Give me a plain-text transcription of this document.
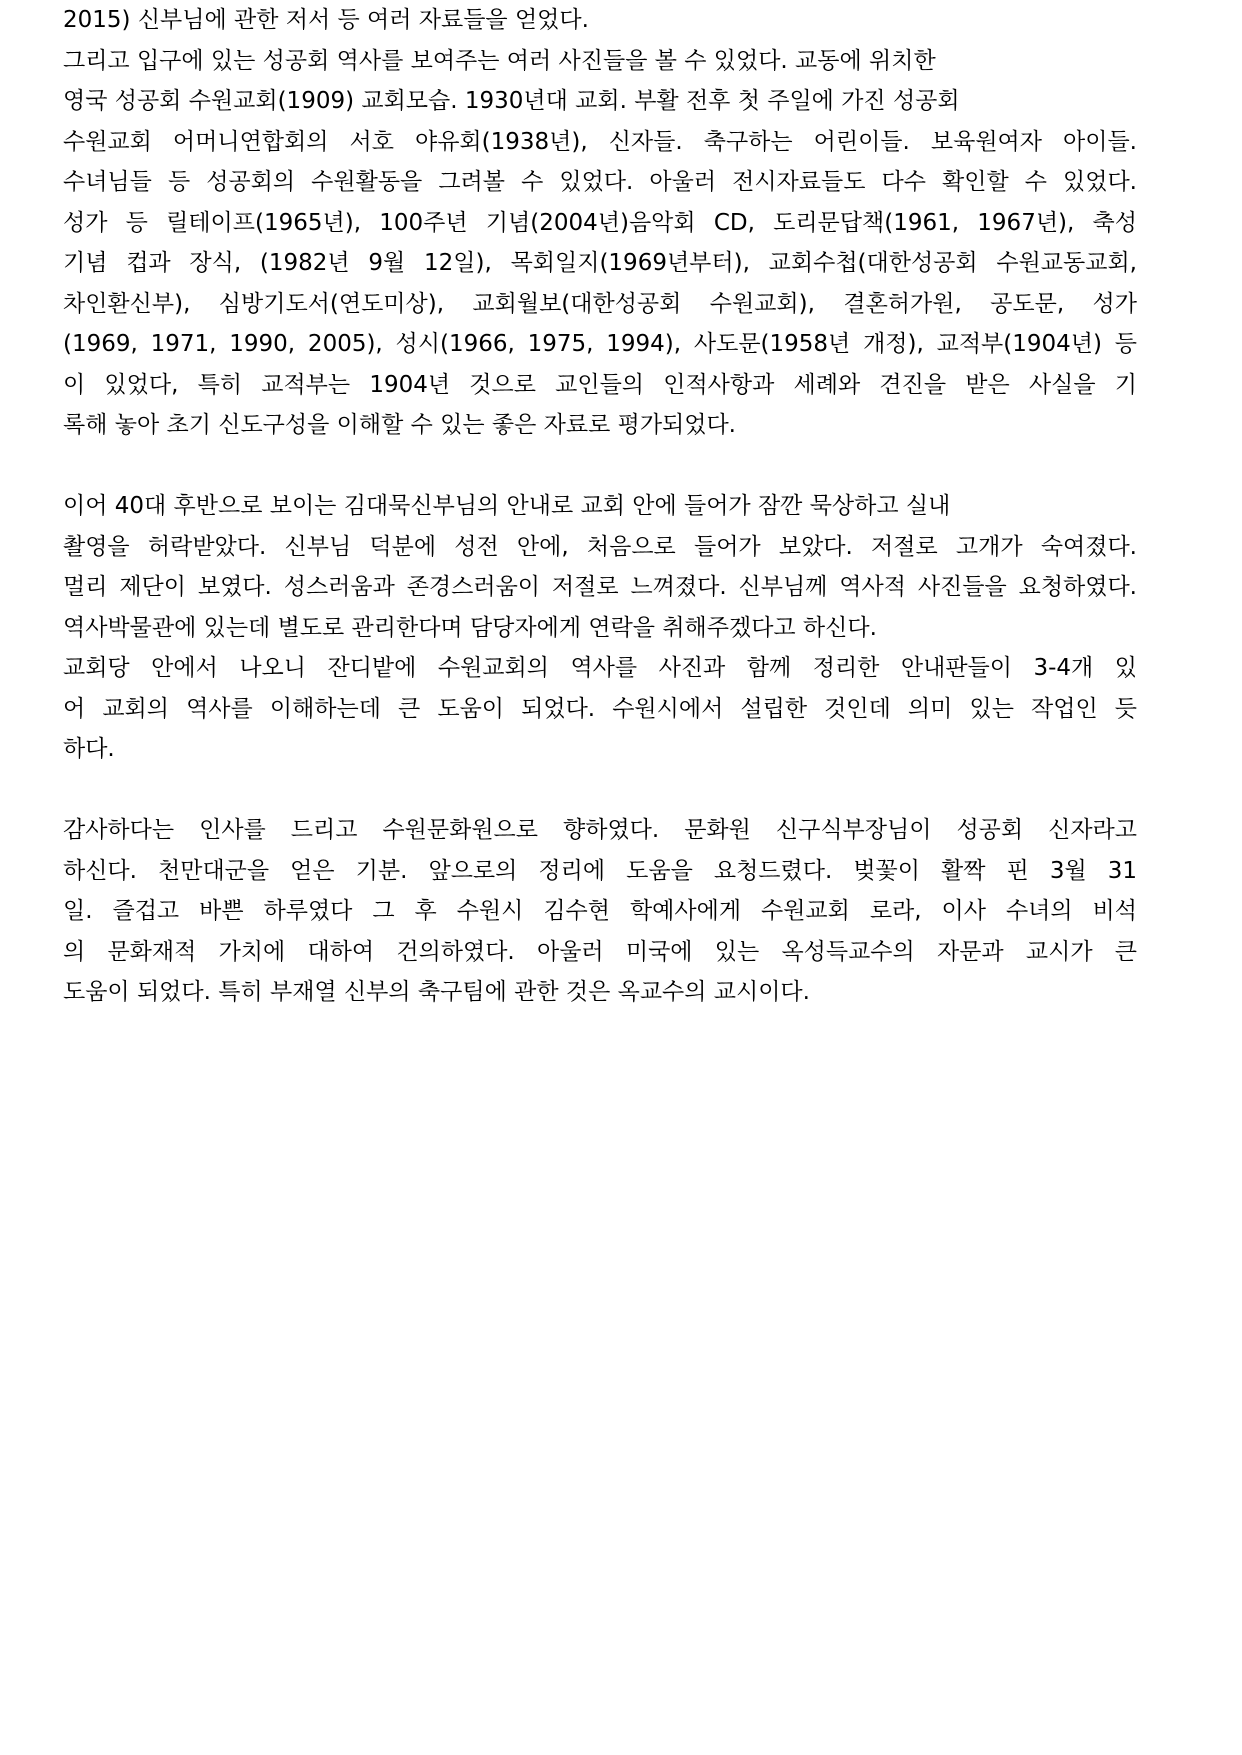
2015) 신부님에 관한 저서 등 여러 자료들을 얻었다.
그리고 입구에 있는 성공회 역사를 보여주는 여러 사진들을 볼 수 있었다. 교동에 위치한
영국 성공회 수원교회(1909) 교회모습. 1930년대 교회. 부활 전후 첫 주일에 가진 성공회
수원교회 어머니연합회의 서호 야유회(1938년), 신자들. 축구하는 어린이들. 보육원여자 아이들.
수녀님들 등 성공회의 수원활동을 그려볼 수 있었다. 아울러 전시자료들도 다수 확인할 수 있었다.
성가 등 릴테이프(1965년), 100주년 기념(2004년)음악회 CD, 도리문답책(1961, 1967년), 축성
기념 컵과 장식, (1982년 9월 12일), 목회일지(1969년부터), 교회수첩(대한성공회 수원교동교회,
차인환신부), 심방기도서(연도미상), 교회월보(대한성공회 수원교회), 결혼허가원, 공도문, 성가
(1969, 1971, 1990, 2005), 성시(1966, 1975, 1994), 사도문(1958년 개정), 교적부(1904년) 등
이 있었다, 특히 교적부는 1904년 것으로 교인들의 인적사항과 세례와 견진을 받은 사실을 기
록해 놓아 초기 신도구성을 이해할 수 있는 좋은 자료로 평가되었다.
이어 40대 후반으로 보이는 김대묵신부님의 안내로 교회 안에 들어가 잠깐 묵상하고 실내
촬영을 허락받았다. 신부님 덕분에 성전 안에, 처음으로 들어가 보았다. 저절로 고개가 숙여졌다.
멀리 제단이 보였다. 성스러움과 존경스러움이 저절로 느껴졌다. 신부님께 역사적 사진들을 요청하였다.
역사박물관에 있는데 별도로 관리한다며 담당자에게 연락을 취해주겠다고 하신다.
교회당 안에서 나오니 잔디밭에 수원교회의 역사를 사진과 함께 정리한 안내판들이 3-4개 있
어 교회의 역사를 이해하는데 큰 도움이 되었다. 수원시에서 설립한 것인데 의미 있는 작업인 듯
하다.
감사하다는 인사를 드리고 수원문화원으로 향하였다. 문화원 신구식부장님이 성공회 신자라고
하신다. 천만대군을 얻은 기분. 앞으로의 정리에 도움을 요청드렸다. 벚꽃이 활짝 핀 3월 31
일. 즐겁고 바쁜 하루였다 그 후 수원시 김수현 학예사에게 수원교회 로라, 이사 수녀의 비석
의 문화재적 가치에 대하여 건의하였다. 아울러 미국에 있는 옥성득교수의 자문과 교시가 큰
도움이 되었다. 특히 부재열 신부의 축구팀에 관한 것은 옥교수의 교시이다.
